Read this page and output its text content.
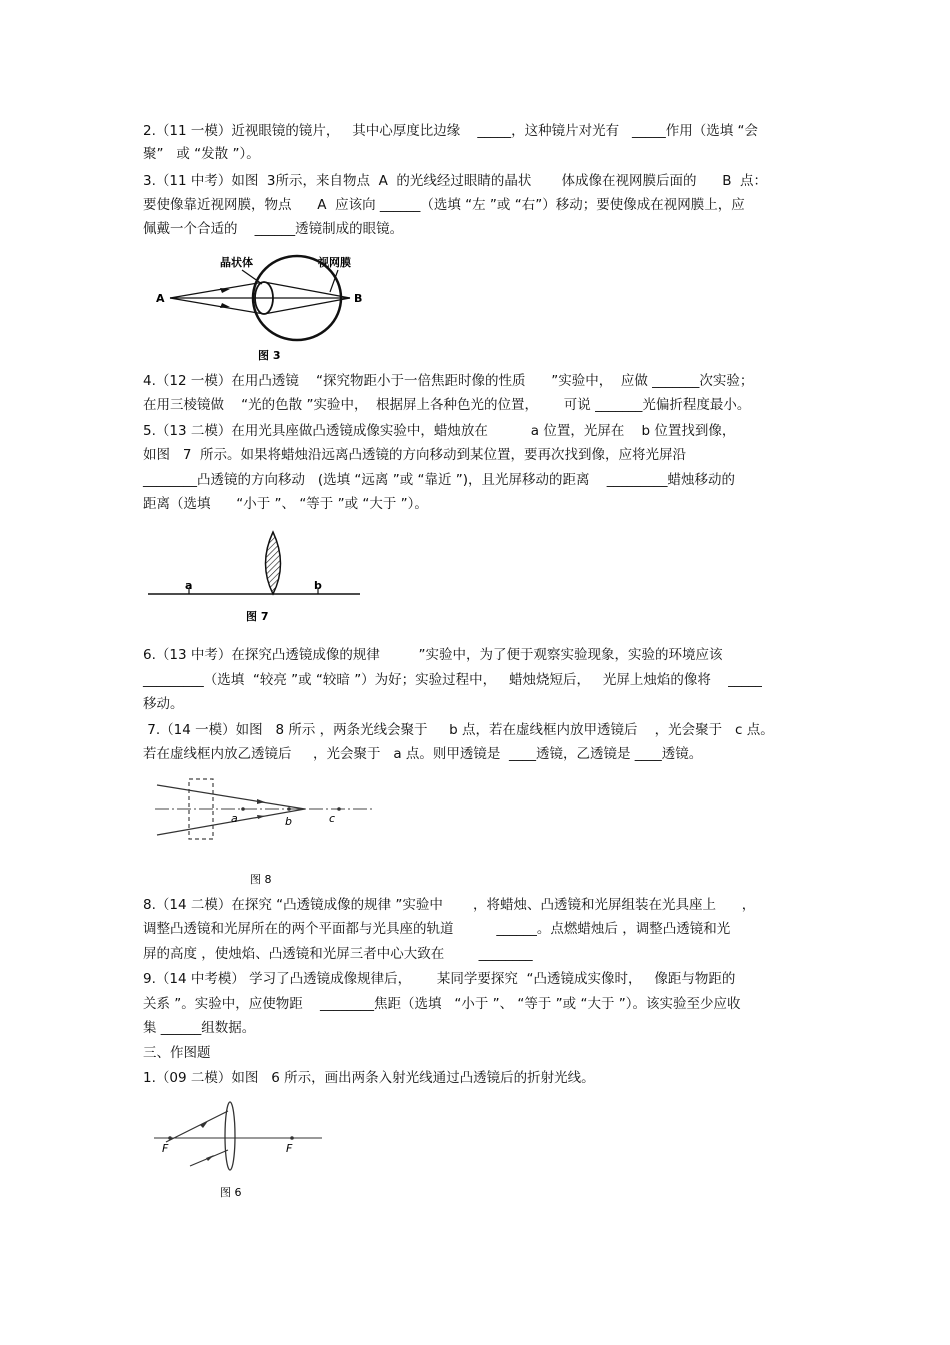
2.（11 一模）近视眼镜的镜片，   其中心厚度比边缘    _____，这种镜片对光有   _____作用（选填 “会
聚”   或 “发散 ”）。
3.（11 中考）如图  3所示，来自物点  A  的光线经过眼睛的晶状       体成像在视网膜后面的      B  点：
要使像靠近视网膜，物点      A  应该向 ______（选填 “左 ”或 “右”）移动；要使像成在视网膜上，应
佩戴一个合适的    ______透镜制成的眼镜。
晶状体	视网膜
A	B
图 3
4.（12 一模）在用凸透镜    “探究物距小于一倍焦距时像的性质      ”实验中，  应做 _______次实验；
在用三棱镜做    “光的色散 ”实验中，  根据屏上各种色光的位置，      可说 _______光偏折程度最小。
5.（13 二模）在用光具座做凸透镜成像实验中，蜡烛放在          a 位置，光屏在    b 位置找到像，
如图   7  所示。如果将蜡烛沿远离凸透镜的方向移动到某位置，要再次找到像，应将光屏沿
________凸透镜的方向移动   (选填 “远离 ”或 “靠近 ”)，且光屏移动的距离    _________蜡烛移动的
距离（选填      “小于 ”、 “等于 ”或 “大于 ”）。
a	b
图 7
6.（13 中考）在探究凸透镜成像的规律         ”实验中，为了便于观察实验现象，实验的环境应该
_________（选填  “较亮 ”或 “较暗 ”）为好；实验过程中，   蜡烛烧短后，   光屏上烛焰的像将    _____
移动。
7.（14 一模）如图   8 所示 ，两条光线会聚于     b 点，若在虚线框内放甲透镜后    ，光会聚于   c 点。
若在虚线框内放乙透镜后     ，光会聚于   a 点。则甲透镜是  ____透镜，乙透镜是 ____透镜。
a	b	c
图 8
8.（14 二模）在探究 “凸透镜成像的规律 ”实验中       ，将蜡烛、凸透镜和光屏组装在光具座上      ，
调整凸透镜和光屏所在的两个平面都与光具座的轨道          ______。点燃蜡烛后 ，调整凸透镜和光
屏的高度 ，使烛焰、凸透镜和光屏三者中心大致在        ________
9.（14 中考模） 学习了凸透镜成像规律后，      某同学要探究  “凸透镜成实像时，   像距与物距的
关系 ”。实验中，应使物距    ________焦距（选填   “小于 ”、 “等于 ”或 “大于 ”）。该实验至少应收
集 ______组数据。
三、作图题
1.（09 二模）如图   6 所示，画出两条入射光线通过凸透镜后的折射光线。
F	F
图 6
